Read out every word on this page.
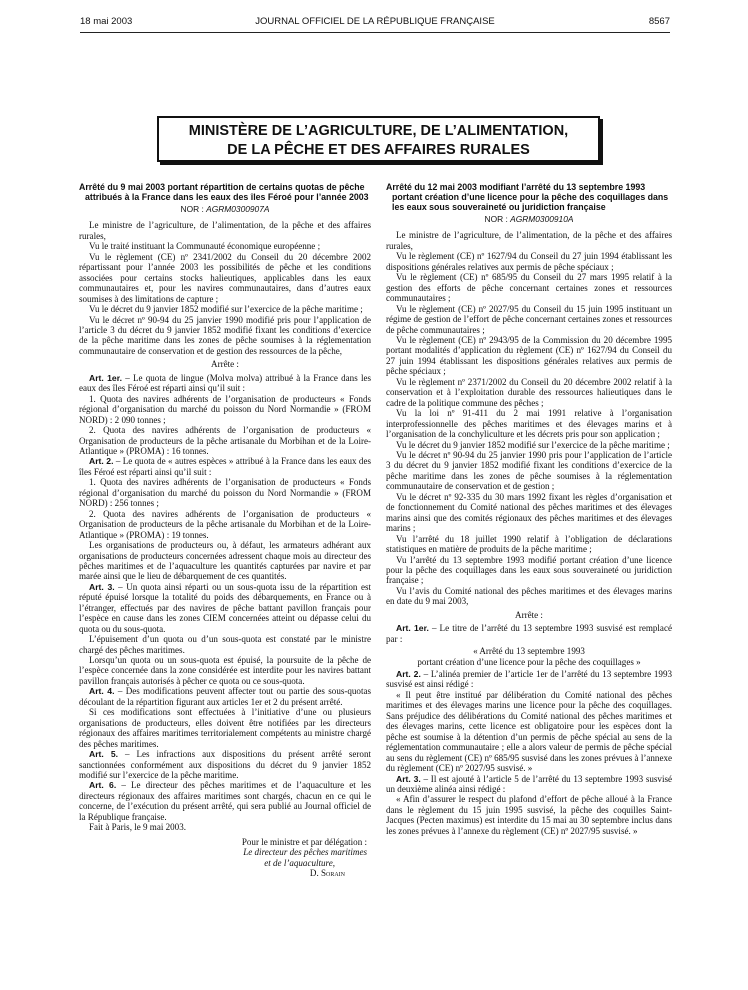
18 mai 2003	JOURNAL OFFICIEL DE LA RÉPUBLIQUE FRANÇAISE	8567
MINISTÈRE DE L’AGRICULTURE, DE L’ALIMENTATION,
DE LA PÊCHE ET DES AFFAIRES RURALES
Arrêté du 9 mai 2003 portant répartition de certains quotas de pêche attribués à la France dans les eaux des îles Féroé pour l’année 2003
NOR : AGRM0300907A

Le ministre de l’agriculture, de l’alimentation, de la pêche et des affaires rurales,

Vu le traité instituant la Communauté économique européenne ;

Vu le règlement (CE) nº 2341/2002 du Conseil du 20 décembre 2002 répartissant pour l’année 2003 les possibilités de pêche et les conditions associées pour certains stocks halieutiques, applicables dans les eaux communautaires et, pour les navires communautaires, dans d’autres eaux soumises à des limitations de capture ;

Vu le décret du 9 janvier 1852 modifié sur l’exercice de la pêche maritime ;

Vu le décret nº 90-94 du 25 janvier 1990 modifié pris pour l’application de l’article 3 du décret du 9 janvier 1852 modifié fixant les conditions d’exercice de la pêche maritime dans les zones de pêche soumises à la réglementation communautaire de conservation et de gestion des ressources de la pêche,

Arrête :

Art. 1er. – Le quota de lingue (Molva molva) attribué à la France dans les eaux des îles Féroé est réparti ainsi qu’il suit :

1. Quota des navires adhérents de l’organisation de producteurs « Fonds régional d’organisation du marché du poisson du Nord Normandie » (FROM NORD) : 2 090 tonnes ;

2. Quota des navires adhérents de l’organisation de producteurs « Organisation de producteurs de la pêche artisanale du Morbihan et de la Loire-Atlantique » (PROMA) : 16 tonnes.

Art. 2. – Le quota de « autres espèces » attribué à la France dans les eaux des îles Féroé est réparti ainsi qu’il suit :

1. Quota des navires adhérents de l’organisation de producteurs « Fonds régional d’organisation du marché du poisson du Nord Normandie » (FROM NORD) : 256 tonnes ;

2. Quota des navires adhérents de l’organisation de producteurs « Organisation de producteurs de la pêche artisanale du Morbihan et de la Loire-Atlantique » (PROMA) : 19 tonnes.

Les organisations de producteurs ou, à défaut, les armateurs adhérant aux organisations de producteurs concernées adressent chaque mois au directeur des pêches maritimes et de l’aquaculture les quantités capturées par navire et par marée ainsi que le lieu de débarquement de ces quantités.

Art. 3. – Un quota ainsi réparti ou un sous-quota issu de la répartition est réputé épuisé lorsque la totalité du poids des débarquements, en France ou à l’étranger, effectués par des navires de pêche battant pavillon français pour l’espèce en cause dans les zones CIEM concernées atteint ou dépasse celui du quota ou du sous-quota.

L’épuisement d’un quota ou d’un sous-quota est constaté par le ministre chargé des pêches maritimes.

Lorsqu’un quota ou un sous-quota est épuisé, la poursuite de la pêche de l’espèce concernée dans la zone considérée est interdite pour les navires battant pavillon français autorisés à pêcher ce quota ou ce sous-quota.

Art. 4. – Des modifications peuvent affecter tout ou partie des sous-quotas découlant de la répartition figurant aux articles 1er et 2 du présent arrêté.

Si ces modifications sont effectuées à l’initiative d’une ou plusieurs organisations de producteurs, elles doivent être notifiées par les directeurs régionaux des affaires maritimes territorialement compétents au ministre chargé des pêches maritimes.

Art. 5. – Les infractions aux dispositions du présent arrêté seront sanctionnées conformément aux dispositions du décret du 9 janvier 1852 modifié sur l’exercice de la pêche maritime.

Art. 6. – Le directeur des pêches maritimes et de l’aquaculture et les directeurs régionaux des affaires maritimes sont chargés, chacun en ce qui le concerne, de l’exécution du présent arrêté, qui sera publié au Journal officiel de la République française.

Fait à Paris, le 9 mai 2003.

Pour le ministre et par délégation :

Le directeur des pêches maritimes

et de l’aquaculture,

D. Sorain

Arrêté du 12 mai 2003 modifiant l’arrêté du 13 septembre 1993 portant création d’une licence pour la pêche des coquillages dans les eaux sous souveraineté ou juridiction française
NOR : AGRM0300910A

Le ministre de l’agriculture, de l’alimentation, de la pêche et des affaires rurales,

Vu le règlement (CE) nº 1627/94 du Conseil du 27 juin 1994 établissant les dispositions générales relatives aux permis de pêche spéciaux ;

Vu le règlement (CE) nº 685/95 du Conseil du 27 mars 1995 relatif à la gestion des efforts de pêche concernant certaines zones et ressources communautaires ;

Vu le règlement (CE) nº 2027/95 du Conseil du 15 juin 1995 instituant un régime de gestion de l’effort de pêche concernant certaines zones et ressources de pêche communautaires ;

Vu le règlement (CE) nº 2943/95 de la Commission du 20 décembre 1995 portant modalités d’application du règlement (CE) nº 1627/94 du Conseil du 27 juin 1994 établissant les dispositions générales relatives aux permis de pêche spéciaux ;

Vu le règlement nº 2371/2002 du Conseil du 20 décembre 2002 relatif à la conservation et à l’exploitation durable des ressources halieutiques dans le cadre de la politique commune des pêches ;

Vu la loi nº 91-411 du 2 mai 1991 relative à l’organisation interprofessionnelle des pêches maritimes et des élevages marins et à l’organisation de la conchyliculture et les décrets pris pour son application ;

Vu le décret du 9 janvier 1852 modifié sur l’exercice de la pêche maritime ;

Vu le décret nº 90-94 du 25 janvier 1990 pris pour l’application de l’article 3 du décret du 9 janvier 1852 modifié fixant les conditions d’exercice de la pêche maritime dans les zones de pêche soumises à la réglementation communautaire de conservation et de gestion ;

Vu le décret nº 92-335 du 30 mars 1992 fixant les règles d’organisation et de fonctionnement du Comité national des pêches maritimes et des élevages marins ainsi que des comités régionaux des pêches maritimes et des élevages marins ;

Vu l’arrêté du 18 juillet 1990 relatif à l’obligation de déclarations statistiques en matière de produits de la pêche maritime ;

Vu l’arrêté du 13 septembre 1993 modifié portant création d’une licence pour la pêche des coquillages dans les eaux sous souveraineté ou juridiction française ;

Vu l’avis du Comité national des pêches maritimes et des élevages marins en date du 9 mai 2003,

Arrête :

Art. 1er. – Le titre de l’arrêté du 13 septembre 1993 susvisé est remplacé par :

« Arrêté du 13 septembre 1993

portant création d’une licence pour la pêche des coquillages »

Art. 2. – L’alinéa premier de l’article 1er de l’arrêté du 13 septembre 1993 susvisé est ainsi rédigé :

« Il peut être institué par délibération du Comité national des pêches maritimes et des élevages marins une licence pour la pêche des coquillages. Sans préjudice des délibérations du Comité national des pêches maritimes et des élevages marins, cette licence est obligatoire pour les espèces dont la pêche est soumise à la détention d’un permis de pêche spécial au sens de la réglementation communautaire ; elle a alors valeur de permis de pêche spécial au sens du règlement (CE) nº 685/95 susvisé dans les zones prévues à l’annexe du règlement (CE) nº 2027/95 susvisé. »

Art. 3. – Il est ajouté à l’article 5 de l’arrêté du 13 septembre 1993 susvisé un deuxième alinéa ainsi rédigé :

« Afin d’assurer le respect du plafond d’effort de pêche alloué à la France dans le règlement du 15 juin 1995 susvisé, la pêche des coquilles Saint-Jacques (Pecten maximus) est interdite du 15 mai au 30 septembre inclus dans les zones prévues à l’annexe du règlement (CE) nº 2027/95 susvisé. »
